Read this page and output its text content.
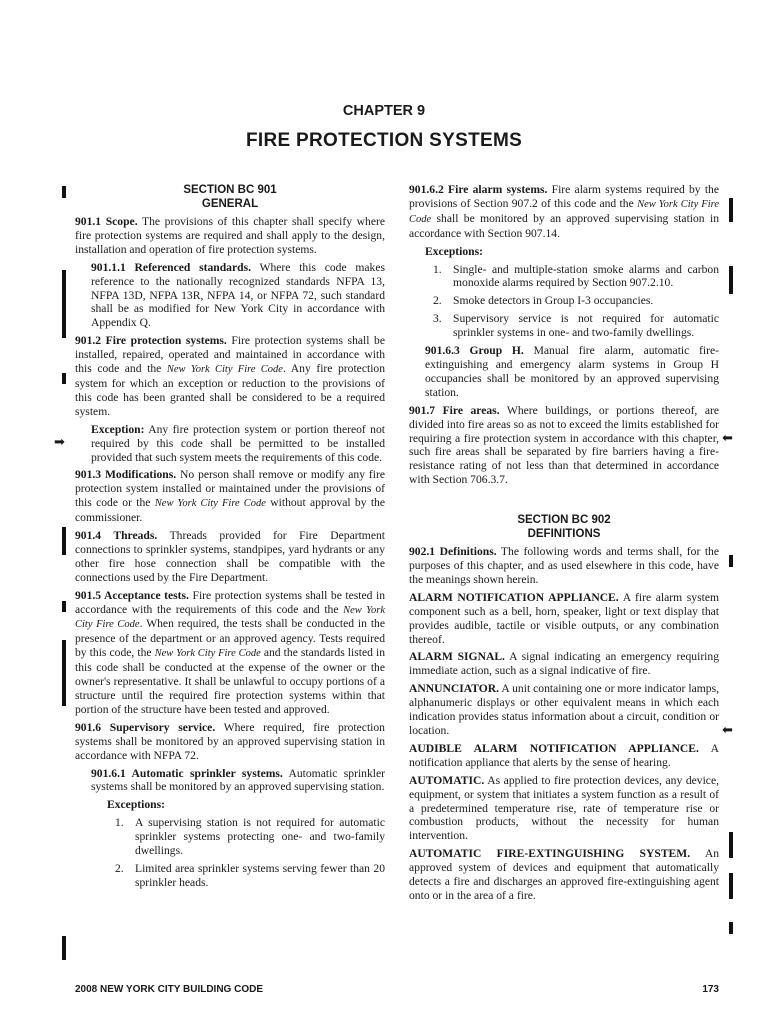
CHAPTER 9
FIRE PROTECTION SYSTEMS
SECTION BC 901
GENERAL

901.1 Scope. The provisions of this chapter shall specify where fire protection systems are required and shall apply to the design, installation and operation of fire protection systems.

901.1.1 Referenced standards. Where this code makes reference to the nationally recognized standards NFPA 13, NFPA 13D, NFPA 13R, NFPA 14, or NFPA 72, such standard shall be as modified for New York City in accordance with Appendix Q.

901.2 Fire protection systems. Fire protection systems shall be installed, repaired, operated and maintained in accordance with this code and the New York City Fire Code. Any fire protection system for which an exception or reduction to the provisions of this code has been granted shall be considered to be a required system.

Exception: Any fire protection system or portion thereof not required by this code shall be permitted to be installed provided that such system meets the requirements of this code.

901.3 Modifications. No person shall remove or modify any fire protection system installed or maintained under the provisions of this code or the New York City Fire Code without approval by the commissioner.

901.4 Threads. Threads provided for Fire Department connections to sprinkler systems, standpipes, yard hydrants or any other fire hose connection shall be compatible with the connections used by the Fire Department.

901.5 Acceptance tests. Fire protection systems shall be tested in accordance with the requirements of this code and the New York City Fire Code. When required, the tests shall be conducted in the presence of the department or an approved agency. Tests required by this code, the New York City Fire Code and the standards listed in this code shall be conducted at the expense of the owner or the owner's representative. It shall be unlawful to occupy portions of a structure until the required fire protection systems within that portion of the structure have been tested and approved.

901.6 Supervisory service. Where required, fire protection systems shall be monitored by an approved supervising station in accordance with NFPA 72.

901.6.1 Automatic sprinkler systems. Automatic sprinkler systems shall be monitored by an approved supervising station.

Exceptions:
1. A supervising station is not required for automatic sprinkler systems protecting one- and two-family dwellings.
2. Limited area sprinkler systems serving fewer than 20 sprinkler heads.

901.6.2 Fire alarm systems. Fire alarm systems required by the provisions of Section 907.2 of this code and the New York City Fire Code shall be monitored by an approved supervising station in accordance with Section 907.14.

Exceptions:
1. Single- and multiple-station smoke alarms and carbon monoxide alarms required by Section 907.2.10.
2. Smoke detectors in Group I-3 occupancies.
3. Supervisory service is not required for automatic sprinkler systems in one- and two-family dwellings.

901.6.3 Group H. Manual fire alarm, automatic fire-extinguishing and emergency alarm systems in Group H occupancies shall be monitored by an approved supervising station.

901.7 Fire areas. Where buildings, or portions thereof, are divided into fire areas so as not to exceed the limits established for requiring a fire protection system in accordance with this chapter, such fire areas shall be separated by fire barriers having a fire-resistance rating of not less than that determined in accordance with Section 706.3.7.

SECTION BC 902
DEFINITIONS

902.1 Definitions. The following words and terms shall, for the purposes of this chapter, and as used elsewhere in this code, have the meanings shown herein.

ALARM NOTIFICATION APPLIANCE. A fire alarm system component such as a bell, horn, speaker, light or text display that provides audible, tactile or visible outputs, or any combination thereof.

ALARM SIGNAL. A signal indicating an emergency requiring immediate action, such as a signal indicative of fire.

ANNUNCIATOR. A unit containing one or more indicator lamps, alphanumeric displays or other equivalent means in which each indication provides status information about a circuit, condition or location.

AUDIBLE ALARM NOTIFICATION APPLIANCE. A notification appliance that alerts by the sense of hearing.

AUTOMATIC. As applied to fire protection devices, any device, equipment, or system that initiates a system function as a result of a predetermined temperature rise, rate of temperature rise or combustion products, without the necessity for human intervention.

AUTOMATIC FIRE-EXTINGUISHING SYSTEM. An approved system of devices and equipment that automatically detects a fire and discharges an approved fire-extinguishing agent onto or in the area of a fire.

➡	⬅
⬅
2008 NEW YORK CITY BUILDING CODE	173
